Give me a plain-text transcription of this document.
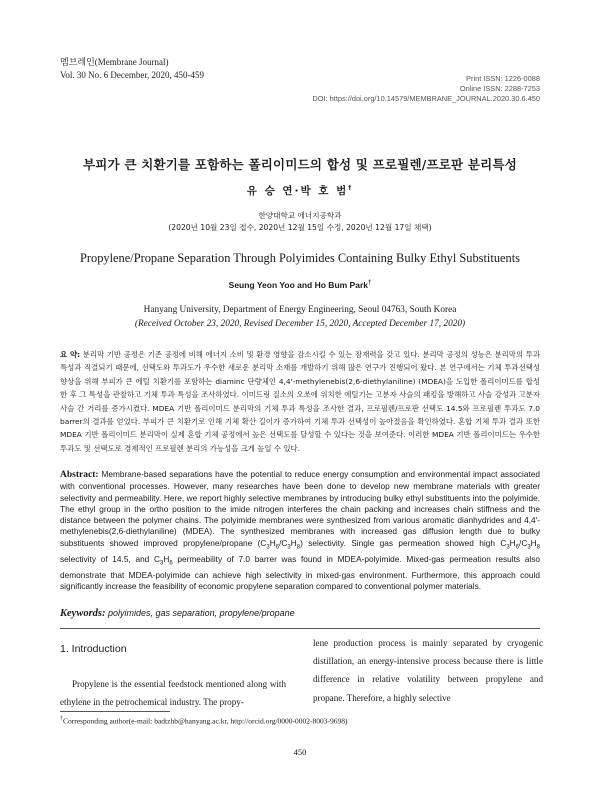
멤브레인(Membrane Journal)
Vol. 30 No. 6 December, 2020, 450-459	Print ISSN: 1226-0088
Online ISSN: 2288-7253
DOI: https://doi.org/10.14579/MEMBRANE_JOURNAL.2020.30.6.450
부피가 큰 치환기를 포함하는 폴리이미드의 합성 및 프로필렌/프로판 분리특성
유 승 연·박 호 범†
한양대학교 에너지공학과
(2020년 10월 23일 접수, 2020년 12월 15일 수정, 2020년 12월 17일 채택)
Propylene/Propane Separation Through Polyimides Containing Bulky Ethyl Substituents
Seung Yeon Yoo and Ho Bum Park†
Hanyang University, Department of Energy Engineering, Seoul 04763, South Korea
(Received October 23, 2020, Revised December 15, 2020, Accepted December 17, 2020)
요 약: 분리막 기반 공정은 기존 공정에 비해 에너지 소비 및 환경 영향을 감소시킬 수 있는 잠재력을 갖고 있다. 분리막 공정의 성능은 분리막의 투과 특성과 직결되기 때문에, 선택도와 투과도가 우수한 새로운 분리막 소재를 개발하기 위해 많은 연구가 진행되어 왔다. 본 연구에서는 기체 투과선택성 향상을 위해 부피가 큰 에틸 치환기를 포함하는 diaminc 단량체인 4,4'-methylenebis(2,6-diethylaniline) (MDEA)을 도입한 폴리이미드를 합성한 후 그 특성을 관찰하고 기체 투과 특성을 조사하였다. 이미드링 질소의 오쏘에 위치한 에틸기는 고분자 사슬의 패킹을 방해하고 사슬 강성과 고분자 사슬 간 거리를 증가시켰다. MDEA 기반 폴리이미드 분리막의 기체 투과 특성을 조사한 결과, 프로필렌/프로판 선택도 14.5와 프로필렌 투과도 7.0 barrer의 결과를 얻었다. 부피가 큰 치환기로 인해 기체 확산 길이가 증가하여 기체 투과 선택성이 높아졌음을 확인하였다. 혼합 기체 투과 결과 또한 MDEA 기반 폴리이미드 분리막이 실제 혼합 기체 공정에서 높은 선택도를 달성할 수 있다는 것을 보여준다. 이러한 MDEA 기반 폴리이미드는 우수한 투과도 및 선택도로 경제적인 프로필렌 분리의 가능성을 크게 높일 수 있다.
Abstract: Membrane-based separations have the potential to reduce energy consumption and environmental impact associated with conventional processes. However, many researches have been done to develop new membrane materials with greater selectivity and permeability. Here, we report highly selective membranes by introducing bulky ethyl substituents into the polyimide. The ethyl group in the ortho position to the imide nitrogen interferes the chain packing and increases chain stiffness and the distance between the polymer chains. The polyimide membranes were synthesized from various aromatic dianhydrides and 4,4'-methylenebis(2,6-diethylaniline) (MDEA). The synthesized membranes with increased gas diffusion length due to bulky substituents showed improved propylene/propane $(C_3H_6/C_3H_8)$ selectivity. Single gas permeation showed high $C_3H_6/C_3H_8$ selectivity of 14.5, and $C_3H_6$ permeability of 7.0 barrer was found in MDEA-polyimide. Mixed-gas permeation results also demonstrate that MDEA-polyimide can achieve high selectivity in mixed-gas environment. Furthermore, this approach could significantly increase the feasibility of economic propylene separation compared to conventional polymer materials.
Keywords: polyimides, gas separation, propylene/propane
1. Introduction
Propylene is the essential feedstock mentioned along with ethylene in the petrochemical industry. The propy-
lene production process is mainly separated by cryogenic distillation, an energy-intensive process because there is little difference in relative volatility between propylene and propane. Therefore, a highly selective
†Corresponding author(e-mail: badtzhb@hanyang.ac.kr, http://orcid.org/0000-0002-8003-9698)
450
